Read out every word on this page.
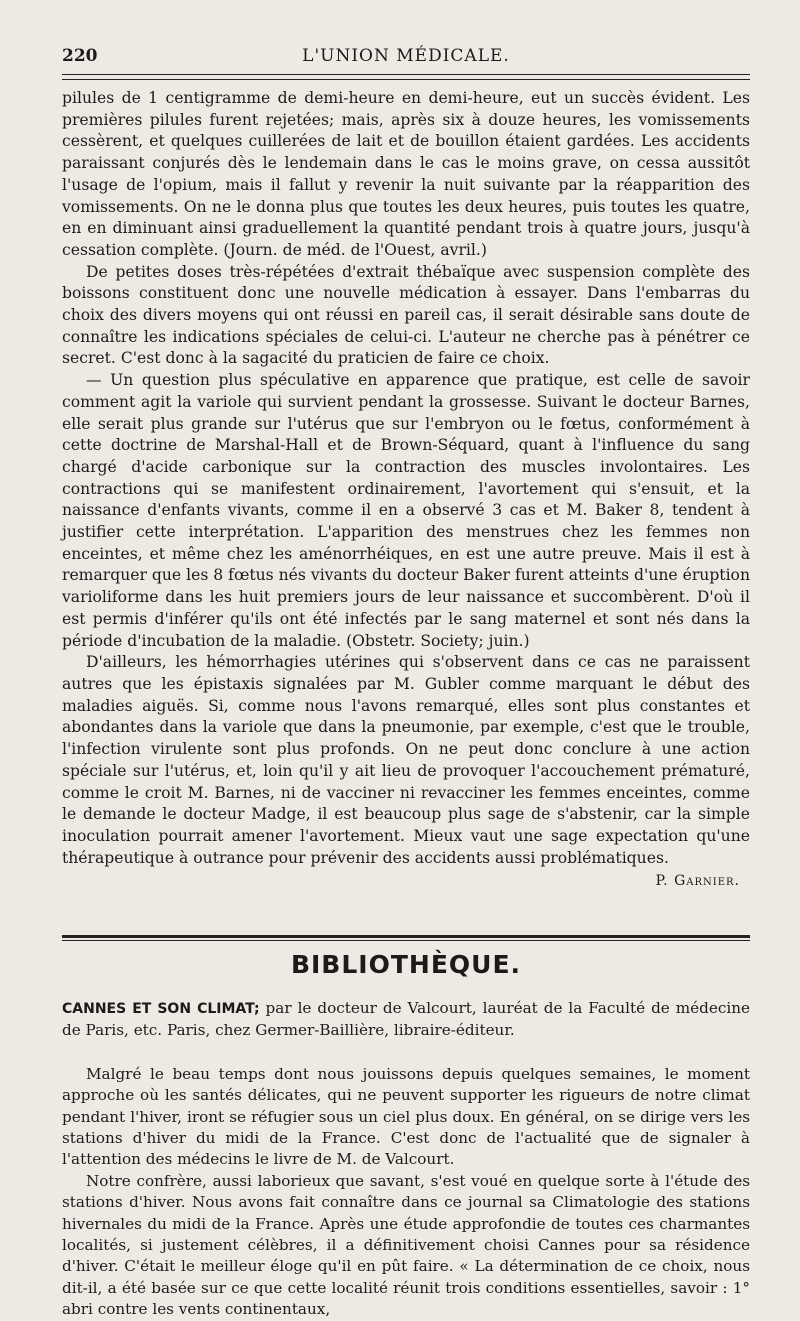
220	L'UNION MÉDICALE.

pilules de 1 centigramme de demi-heure en demi-heure, eut un succès évident. Les premières pilules furent rejetées; mais, après six à douze heures, les vomissements cessèrent, et quelques cuillerées de lait et de bouillon étaient gardées. Les accidents paraissant conjurés dès le lendemain dans le cas le moins grave, on cessa aussitôt l'usage de l'opium, mais il fallut y revenir la nuit suivante par la réapparition des vomissements. On ne le donna plus que toutes les deux heures, puis toutes les quatre, en en diminuant ainsi graduellement la quantité pendant trois à quatre jours, jusqu'à cessation complète. (Journ. de méd. de l'Ouest, avril.)

De petites doses très-répétées d'extrait thébaïque avec suspension complète des boissons constituent donc une nouvelle médication à essayer. Dans l'embarras du choix des divers moyens qui ont réussi en pareil cas, il serait désirable sans doute de connaître les indications spéciales de celui-ci. L'auteur ne cherche pas à pénétrer ce secret. C'est donc à la sagacité du praticien de faire ce choix.

— Un question plus spéculative en apparence que pratique, est celle de savoir comment agit la variole qui survient pendant la grossesse. Suivant le docteur Barnes, elle serait plus grande sur l'utérus que sur l'embryon ou le fœtus, conformément à cette doctrine de Marshal-Hall et de Brown-Séquard, quant à l'influence du sang chargé d'acide carbonique sur la contraction des muscles involontaires. Les contractions qui se manifestent ordinairement, l'avortement qui s'ensuit, et la naissance d'enfants vivants, comme il en a observé 3 cas et M. Baker 8, tendent à justifier cette interprétation. L'apparition des menstrues chez les femmes non enceintes, et même chez les aménorrhéiques, en est une autre preuve. Mais il est à remarquer que les 8 fœtus nés vivants du docteur Baker furent atteints d'une éruption varioliforme dans les huit premiers jours de leur naissance et succombèrent. D'où il est permis d'inférer qu'ils ont été infectés par le sang maternel et sont nés dans la période d'incubation de la maladie. (Obstetr. Society; juin.)

D'ailleurs, les hémorrhagies utérines qui s'observent dans ce cas ne paraissent autres que les épistaxis signalées par M. Gubler comme marquant le début des maladies aiguës. Si, comme nous l'avons remarqué, elles sont plus constantes et abondantes dans la variole que dans la pneumonie, par exemple, c'est que le trouble, l'infection virulente sont plus profonds. On ne peut donc conclure à une action spéciale sur l'utérus, et, loin qu'il y ait lieu de provoquer l'accouchement prématuré, comme le croit M. Barnes, ni de vacciner ni revacciner les femmes enceintes, comme le demande le docteur Madge, il est beaucoup plus sage de s'abstenir, car la simple inoculation pourrait amener l'avortement. Mieux vaut une sage expectation qu'une thérapeutique à outrance pour prévenir des accidents aussi problématiques.

P. Garnier.
BIBLIOTHÈQUE.

CANNES ET SON CLIMAT; par le docteur de Valcourt, lauréat de la Faculté de médecine de Paris, etc. Paris, chez Germer-Baillière, libraire-éditeur.

Malgré le beau temps dont nous jouissons depuis quelques semaines, le moment approche où les santés délicates, qui ne peuvent supporter les rigueurs de notre climat pendant l'hiver, iront se réfugier sous un ciel plus doux. En général, on se dirige vers les stations d'hiver du midi de la France. C'est donc de l'actualité que de signaler à l'attention des médecins le livre de M. de Valcourt.

Notre confrère, aussi laborieux que savant, s'est voué en quelque sorte à l'étude des stations d'hiver. Nous avons fait connaître dans ce journal sa Climatologie des stations hivernales du midi de la France. Après une étude approfondie de toutes ces charmantes localités, si justement célèbres, il a définitivement choisi Cannes pour sa résidence d'hiver. C'était le meilleur éloge qu'il en pût faire. « La détermination de ce choix, nous dit-il, a été basée sur ce que cette localité réunit trois conditions essentielles, savoir : 1° abri contre les vents continentaux,
